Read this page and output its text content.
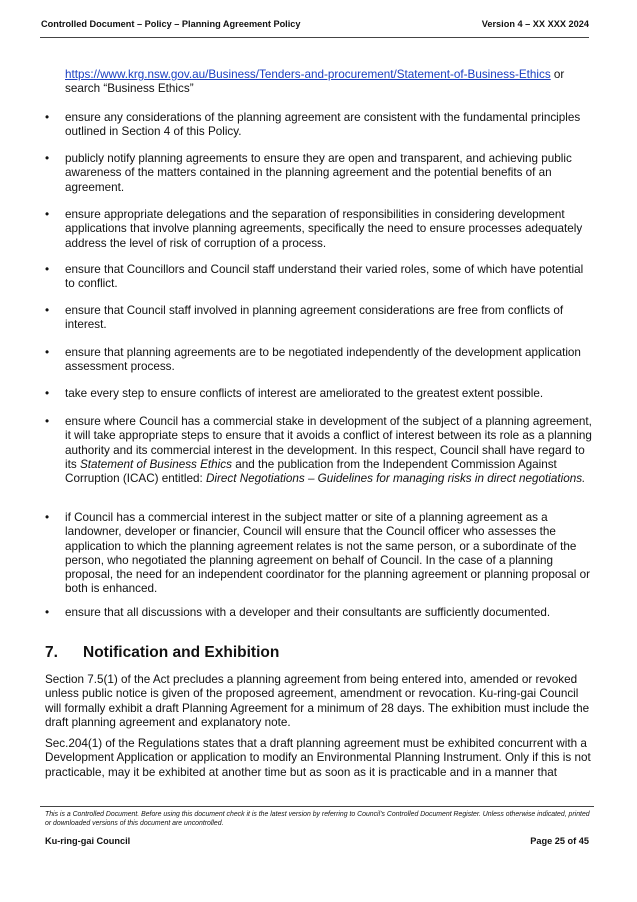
Controlled Document – Policy – Planning Agreement Policy	Version 4 – XX XXX 2024
https://www.krg.nsw.gov.au/Business/Tenders-and-procurement/Statement-of-Business-Ethics or
search “Business Ethics”
•	ensure any considerations of the planning agreement are consistent with the fundamental principles outlined in Section 4 of this Policy.
•	publicly notify planning agreements to ensure they are open and transparent, and achieving public awareness of the matters contained in the planning agreement and the potential benefits of an agreement.
•	ensure appropriate delegations and the separation of responsibilities in considering development applications that involve planning agreements, specifically the need to ensure processes adequately address the level of risk of corruption of a process.
•	ensure that Councillors and Council staff understand their varied roles, some of which have potential to conflict.
•	ensure that Council staff involved in planning agreement considerations are free from conflicts of interest.
•	ensure that planning agreements are to be negotiated independently of the development application assessment process.
•	take every step to ensure conflicts of interest are ameliorated to the greatest extent possible.
•	ensure where Council has a commercial stake in development of the subject of a planning agreement, it will take appropriate steps to ensure that it avoids a conflict of interest between its role as a planning authority and its commercial interest in the development. In this respect, Council shall have regard to its Statement of Business Ethics and the publication from the Independent Commission Against Corruption (ICAC) entitled: Direct Negotiations – Guidelines for managing risks in direct negotiations.
•	if Council has a commercial interest in the subject matter or site of a planning agreement as a landowner, developer or financier, Council will ensure that the Council officer who assesses the application to which the planning agreement relates is not the same person, or a subordinate of the person, who negotiated the planning agreement on behalf of Council. In the case of a planning proposal, the need for an independent coordinator for the planning agreement or planning proposal or both is enhanced.
•	ensure that all discussions with a developer and their consultants are sufficiently documented.
7. Notification and Exhibition
Section 7.5(1) of the Act precludes a planning agreement from being entered into, amended or revoked unless public notice is given of the proposed agreement, amendment or revocation. Ku-ring-gai Council will formally exhibit a draft Planning Agreement for a minimum of 28 days. The exhibition must include the draft planning agreement and explanatory note.
Sec.204(1) of the Regulations states that a draft planning agreement must be exhibited concurrent with a Development Application or application to modify an Environmental Planning Instrument. Only if this is not practicable, may it be exhibited at another time but as soon as it is practicable and in a manner that
This is a Controlled Document. Before using this document check it is the latest version by referring to Council’s Controlled Document Register. Unless otherwise indicated, printed or downloaded versions of this document are uncontrolled.
Ku-ring-gai Council	Page 25 of 45
